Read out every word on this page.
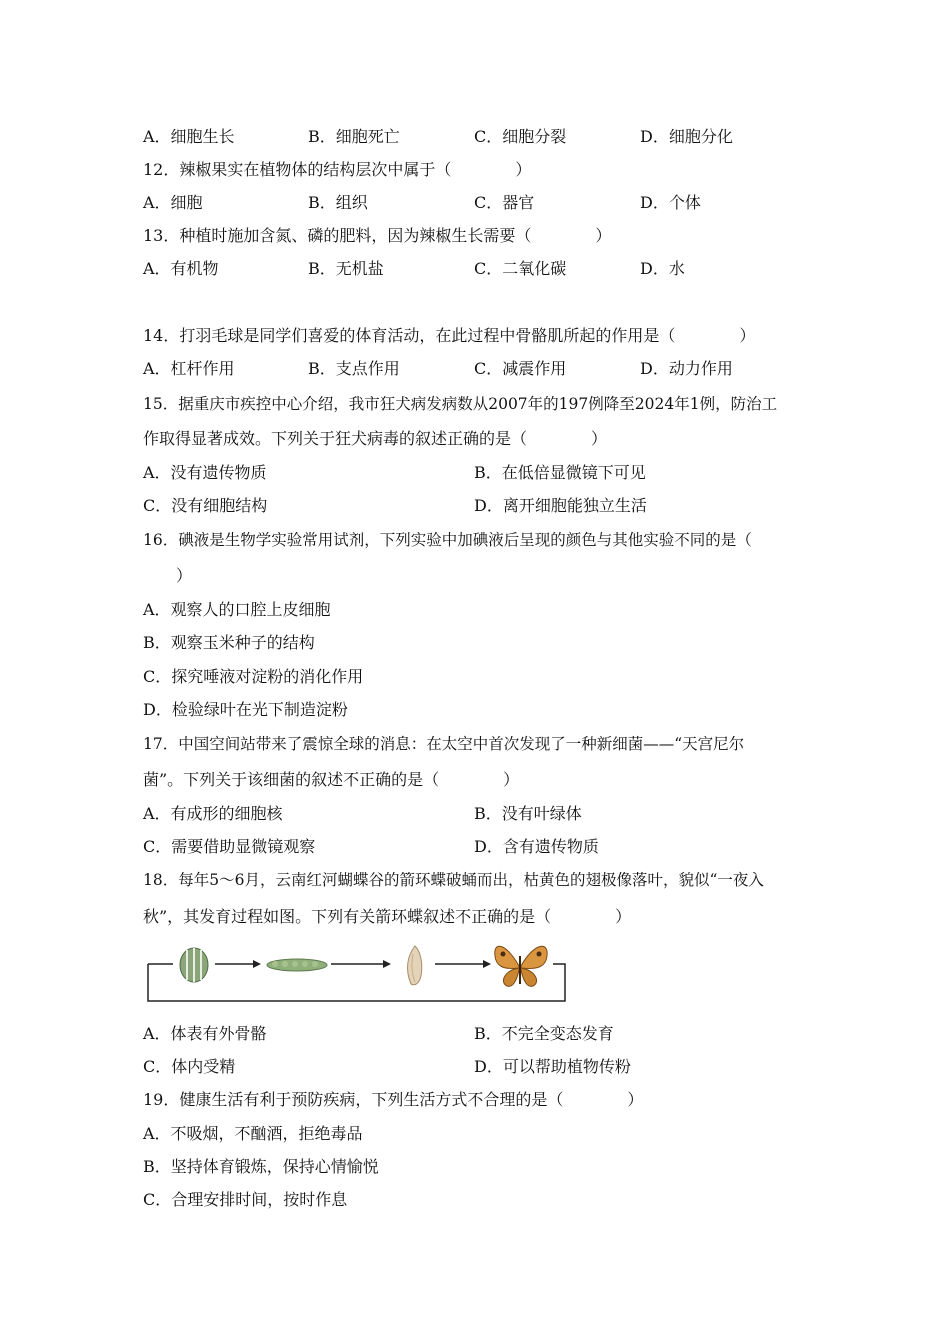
A．细胞生长	B．细胞死亡	C．细胞分裂	D．细胞分化
12．辣椒果实在植物体的结构层次中属于（　　　　）
A．细胞	B．组织	C．器官	D．个体
13．种植时施加含氮、磷的肥料，因为辣椒生长需要（　　　　）
A．有机物	B．无机盐	C．二氧化碳	D．水
14．打羽毛球是同学们喜爱的体育活动，在此过程中骨骼肌所起的作用是（　　　　）
A．杠杆作用	B．支点作用	C．减震作用	D．动力作用
15．据重庆市疾控中心介绍，我市狂犬病发病数从2007年的197例降至2024年1例，防治工
作取得显著成效。下列关于狂犬病毒的叙述正确的是（　　　　）
A．没有遗传物质	B．在低倍显微镜下可见
C．没有细胞结构	D．离开细胞能独立生活
16．碘液是生物学实验常用试剂，下列实验中加碘液后呈现的颜色与其他实验不同的是（
）
A．观察人的口腔上皮细胞
B．观察玉米种子的结构
C．探究唾液对淀粉的消化作用
D．检验绿叶在光下制造淀粉
17．中国空间站带来了震惊全球的消息：在太空中首次发现了一种新细菌——“天宫尼尔
菌”。下列关于该细菌的叙述不正确的是（　　　　）
A．有成形的细胞核	B．没有叶绿体
C．需要借助显微镜观察	D．含有遗传物质
18．每年5～6月，云南红河蝴蝶谷的箭环蝶破蛹而出，枯黄色的翅极像落叶，貌似“一夜入
秋”，其发育过程如图。下列有关箭环蝶叙述不正确的是（　　　　）
A．体表有外骨骼	B．不完全变态发育
C．体内受精	D．可以帮助植物传粉
19．健康生活有利于预防疾病，下列生活方式不合理的是（　　　　）
A．不吸烟，不酗酒，拒绝毒品
B．坚持体育锻炼，保持心情愉悦
C．合理安排时间，按时作息
